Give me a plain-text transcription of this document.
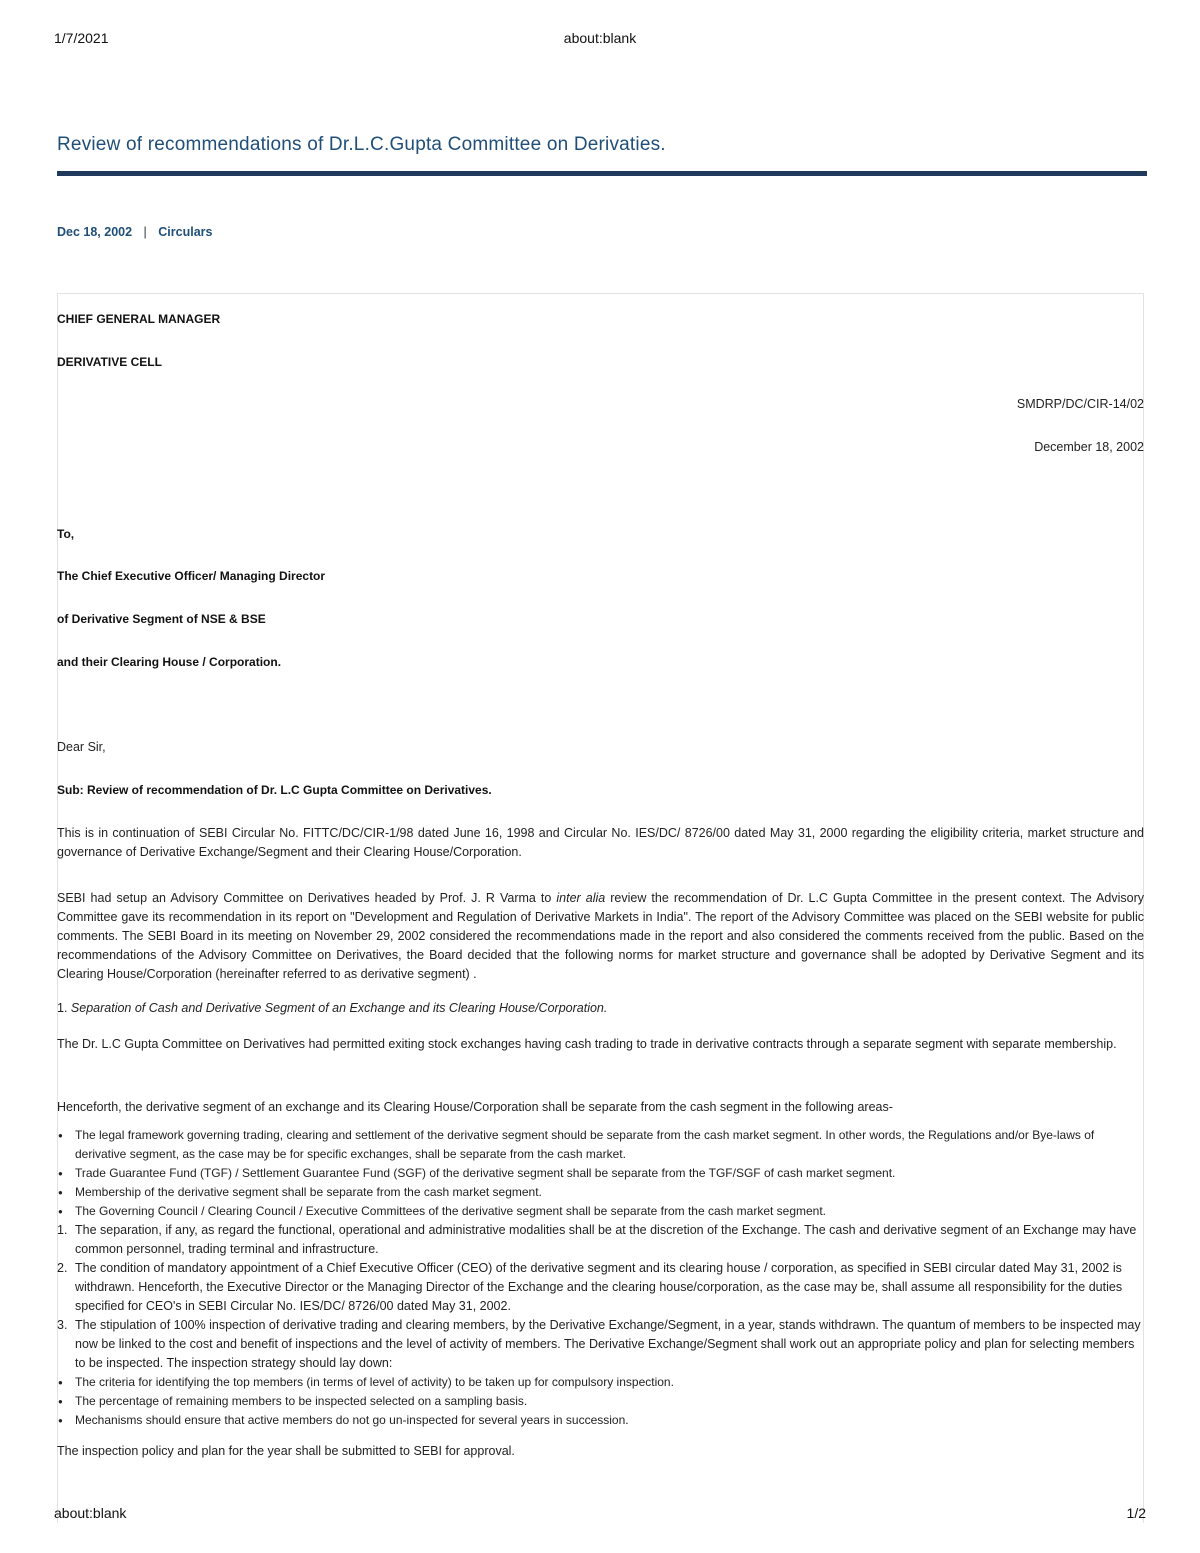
1/7/2021	about:blank
Review of recommendations of Dr.L.C.Gupta Committee on Derivaties.
Dec 18, 2002 | Circulars
CHIEF GENERAL MANAGER
DERIVATIVE CELL
SMDRP/DC/CIR-14/02
December 18, 2002
To,
The Chief Executive Officer/ Managing Director
of Derivative Segment of NSE & BSE
and their Clearing House / Corporation.
Dear Sir,
Sub: Review of recommendation of Dr. L.C Gupta Committee on Derivatives.
This is in continuation of SEBI Circular No. FITTC/DC/CIR-1/98 dated June 16, 1998 and Circular No. IES/DC/ 8726/00 dated May 31, 2000 regarding the eligibility criteria, market structure and governance of Derivative Exchange/Segment and their Clearing House/Corporation.
SEBI had setup an Advisory Committee on Derivatives headed by Prof. J. R Varma to inter alia review the recommendation of Dr. L.C Gupta Committee in the present context. The Advisory Committee gave its recommendation in its report on "Development and Regulation of Derivative Markets in India". The report of the Advisory Committee was placed on the SEBI website for public comments. The SEBI Board in its meeting on November 29, 2002 considered the recommendations made in the report and also considered the comments received from the public. Based on the recommendations of the Advisory Committee on Derivatives, the Board decided that the following norms for market structure and governance shall be adopted by Derivative Segment and its Clearing House/Corporation (hereinafter referred to as derivative segment) .
1. Separation of Cash and Derivative Segment of an Exchange and its Clearing House/Corporation.
The Dr. L.C Gupta Committee on Derivatives had permitted exiting stock exchanges having cash trading to trade in derivative contracts through a separate segment with separate membership.
Henceforth, the derivative segment of an exchange and its Clearing House/Corporation shall be separate from the cash segment in the following areas-
● The legal framework governing trading, clearing and settlement of the derivative segment should be separate from the cash market segment. In other words, the Regulations and/or Bye-laws of derivative segment, as the case may be for specific exchanges, shall be separate from the cash market.
● Trade Guarantee Fund (TGF) / Settlement Guarantee Fund (SGF) of the derivative segment shall be separate from the TGF/SGF of cash market segment.
● Membership of the derivative segment shall be separate from the cash market segment.
● The Governing Council / Clearing Council / Executive Committees of the derivative segment shall be separate from the cash market segment.
1. The separation, if any, as regard the functional, operational and administrative modalities shall be at the discretion of the Exchange. The cash and derivative segment of an Exchange may have common personnel, trading terminal and infrastructure.
2. The condition of mandatory appointment of a Chief Executive Officer (CEO) of the derivative segment and its clearing house / corporation, as specified in SEBI circular dated May 31, 2002 is withdrawn. Henceforth, the Executive Director or the Managing Director of the Exchange and the clearing house/corporation, as the case may be, shall assume all responsibility for the duties specified for CEO's in SEBI Circular No. IES/DC/ 8726/00 dated May 31, 2002.
3. The stipulation of 100% inspection of derivative trading and clearing members, by the Derivative Exchange/Segment, in a year, stands withdrawn. The quantum of members to be inspected may now be linked to the cost and benefit of inspections and the level of activity of members. The Derivative Exchange/Segment shall work out an appropriate policy and plan for selecting members to be inspected. The inspection strategy should lay down:
● The criteria for identifying the top members (in terms of level of activity) to be taken up for compulsory inspection.
● The percentage of remaining members to be inspected selected on a sampling basis.
● Mechanisms should ensure that active members do not go un-inspected for several years in succession.
The inspection policy and plan for the year shall be submitted to SEBI for approval.
about:blank	1/2
